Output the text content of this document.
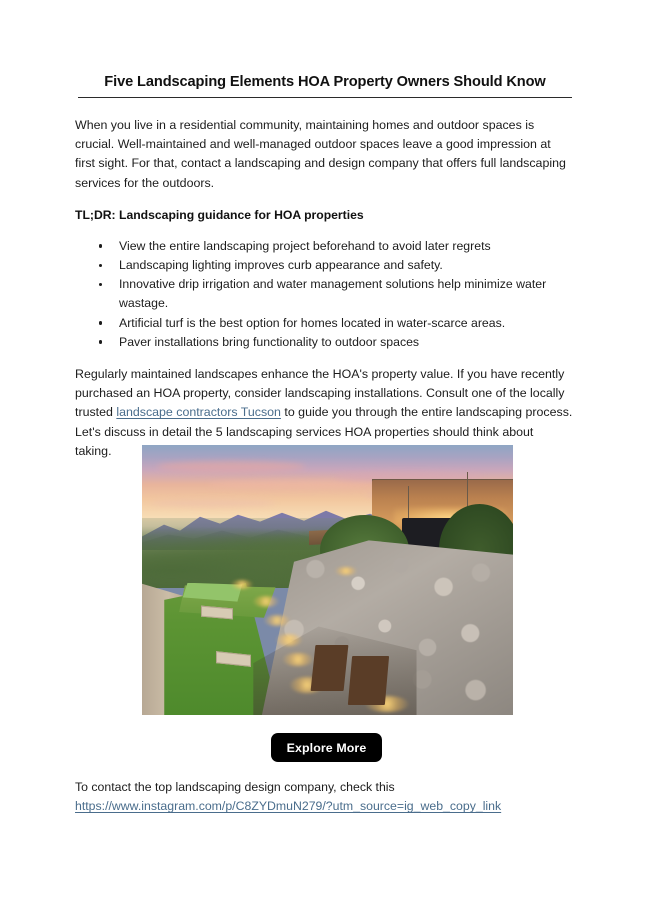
Five Landscaping Elements HOA Property Owners Should Know

When you live in a residential community, maintaining homes and outdoor spaces is crucial. Well-maintained and well-managed outdoor spaces leave a good impression at first sight. For that, contact a landscaping and design company that offers full landscaping services for the outdoors.

TL;DR: Landscaping guidance for HOA properties

View the entire landscaping project beforehand to avoid later regrets
Landscaping lighting improves curb appearance and safety.
Innovative drip irrigation and water management solutions help minimize water wastage.
Artificial turf is the best option for homes located in water-scarce areas.
Paver installations bring functionality to outdoor spaces

Regularly maintained landscapes enhance the HOA's property value. If you have recently purchased an HOA property, consider landscaping installations. Consult one of the locally trusted landscape contractors Tucson to guide you through the entire landscaping process. Let's discuss in detail the 5 landscaping services HOA properties should think about taking.

Explore More

To contact the top landscaping design company, check this

https://www.instagram.com/p/C8ZYDmuN279/?utm_source=ig_web_copy_link
